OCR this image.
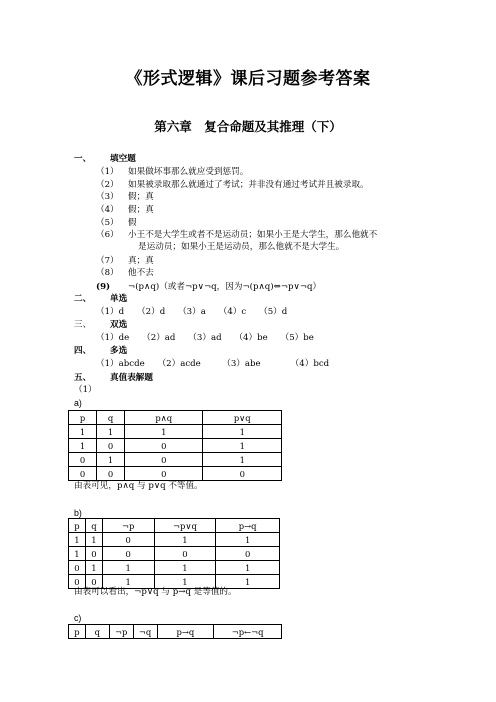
《形式逻辑》课后习题参考答案
第六章　复合命题及其推理（下）
一、 填空题
（1） 如果做坏事那么就应受到惩罚。
（2） 如果被录取那么就通过了考试；并非没有通过考试并且被录取。
（3） 假；真
（4） 假；真
（5） 假
（6） 小王不是大学生或者不是运动员；如果小王是大学生，那么他就不
是运动员；如果小王是运动员，那么他就不是大学生。
（7） 真；真
（8） 他不去
(9) ¬(p∧q)（或者¬p∨¬q，因为¬(p∧q)⇔¬p∨¬q）
二、 单选
（1）d　　（2）d　　（3）a　　（4）c　　（5）d
三、 双选
（1）de　　（2）ad　　（3）ad　　（4）be　　（5）be
四、 多选
（1）abcde　　（2）acde　　　（3）abe　　　　（4）bcd
五、 真值表解题
（1）
a)
p	q	p∧q	p∨q
1	1	1	1
1	0	0	1
0	1	0	1
0	0	0	0
由表可见，p∧q 与 p∨q 不等值。
b)
p	q	¬p	¬p∨q	p→q
1	1	0	1	1
1	0	0	0	0
0	1	1	1	1
0	0	1	1	1
由表可以看出，¬p∨q 与 p→q 是等值的。
c)
p	q	¬p	¬q	p→q	¬p←¬q
